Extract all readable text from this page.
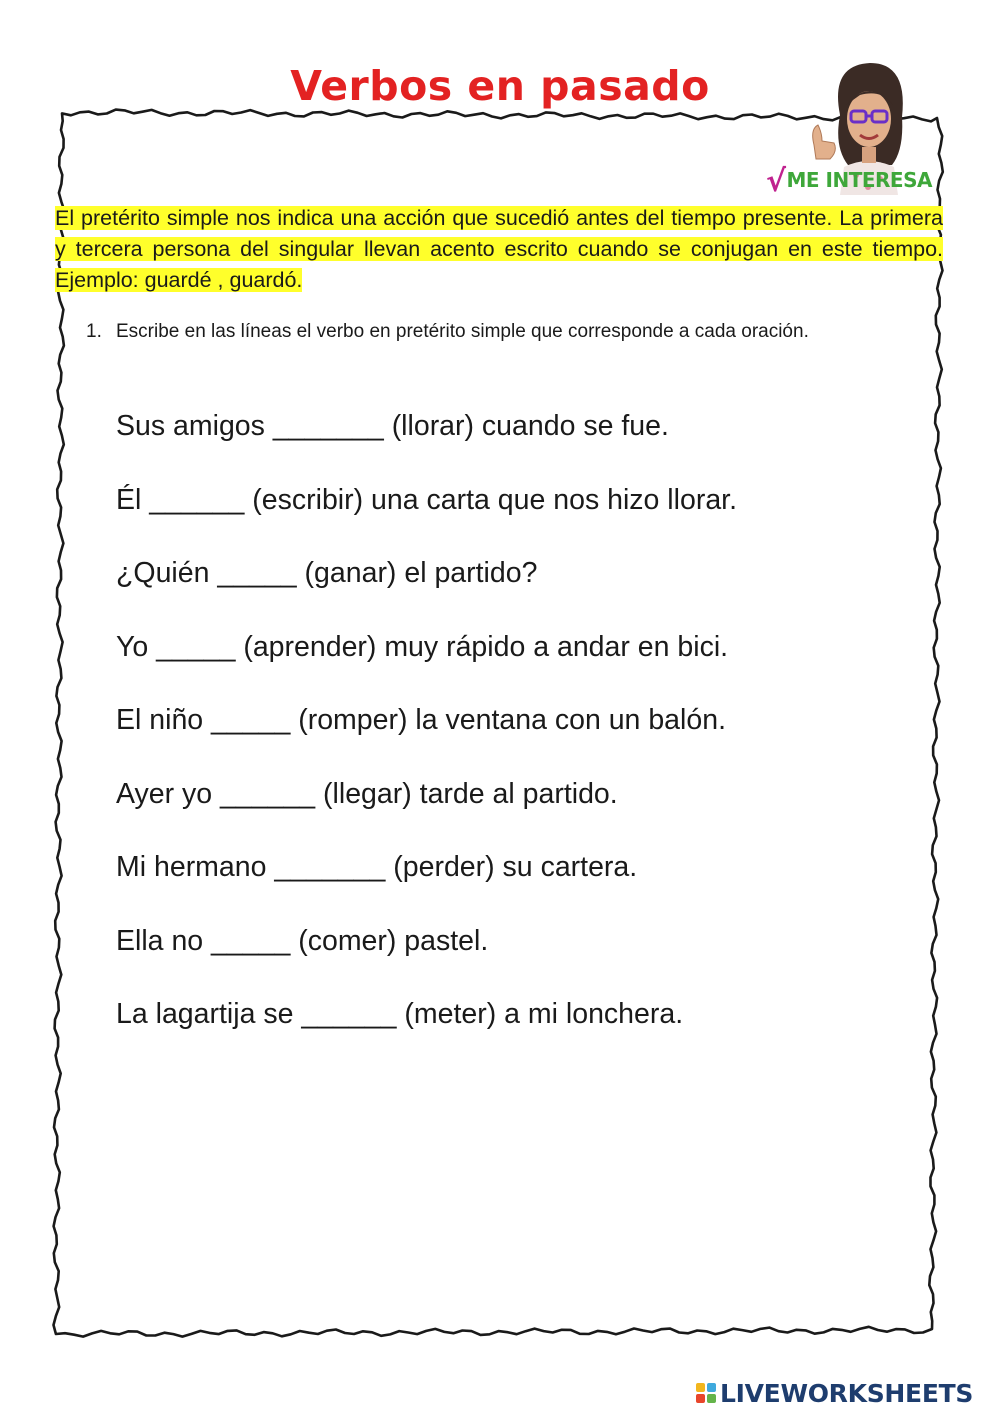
Verbos en pasado
√ME INTERESA
El pretérito simple nos indica una acción que sucedió antes del tiempo presente. La primera y tercera persona del singular llevan acento escrito cuando se conjugan en este tiempo. Ejemplo: guardé , guardó.
1. Escribe en las líneas el verbo en pretérito simple que corresponde a cada oración.
Sus amigos _______ (llorar) cuando se fue.
Él ______ (escribir) una carta que nos hizo llorar.
¿Quién _____ (ganar) el partido?
Yo _____ (aprender) muy rápido a andar en bici.
El niño _____ (romper) la ventana con un balón.
Ayer yo ______ (llegar) tarde al partido.
Mi hermano _______ (perder) su cartera.
Ella no _____ (comer) pastel.
La lagartija se ______ (meter) a mi lonchera.
LIVEWORKSHEETS
